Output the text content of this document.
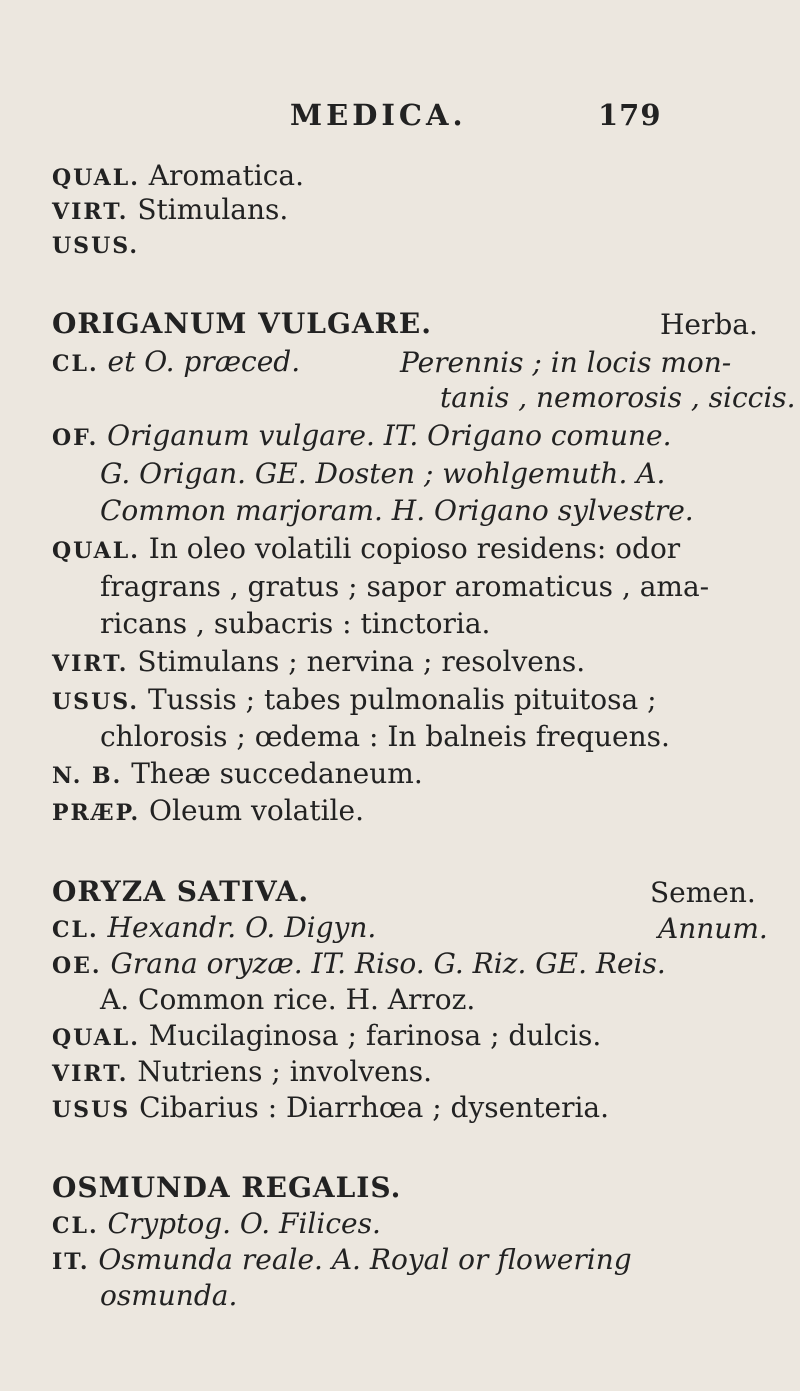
MEDICA.	179
QUAL. Aromatica.
VIRT. Stimulans.
USUS.
ORIGANUM VULGARE.	Herba.
CL. et O. præced.	Perennis ; in locis mon-
tanis , nemorosis , siccis.
OF. Origanum vulgare. IT. Origano comune.
G. Origan. GE. Dosten ; wohlgemuth. A.
Common marjoram. H. Origano sylvestre.
QUAL. In oleo volatili copioso residens: odor
fragrans , gratus ; sapor aromaticus , ama-
ricans , subacris : tinctoria.
VIRT. Stimulans ; nervina ; resolvens.
USUS. Tussis ; tabes pulmonalis pituitosa ;
chlorosis ; œdema : In balneis frequens.
N. B. Theæ succedaneum.
PRÆP. Oleum volatile.
ORYZA SATIVA.	Semen.
CL. Hexandr. O. Digyn.	Annum.
OE. Grana oryzæ. IT. Riso. G. Riz. GE. Reis.
A. Common rice. H. Arroz.
QUAL. Mucilaginosa ; farinosa ; dulcis.
VIRT. Nutriens ; involvens.
USUS Cibarius : Diarrhœa ; dysenteria.
OSMUNDA REGALIS.
CL. Cryptog. O. Filices.
IT. Osmunda reale. A. Royal or flowering
osmunda.
